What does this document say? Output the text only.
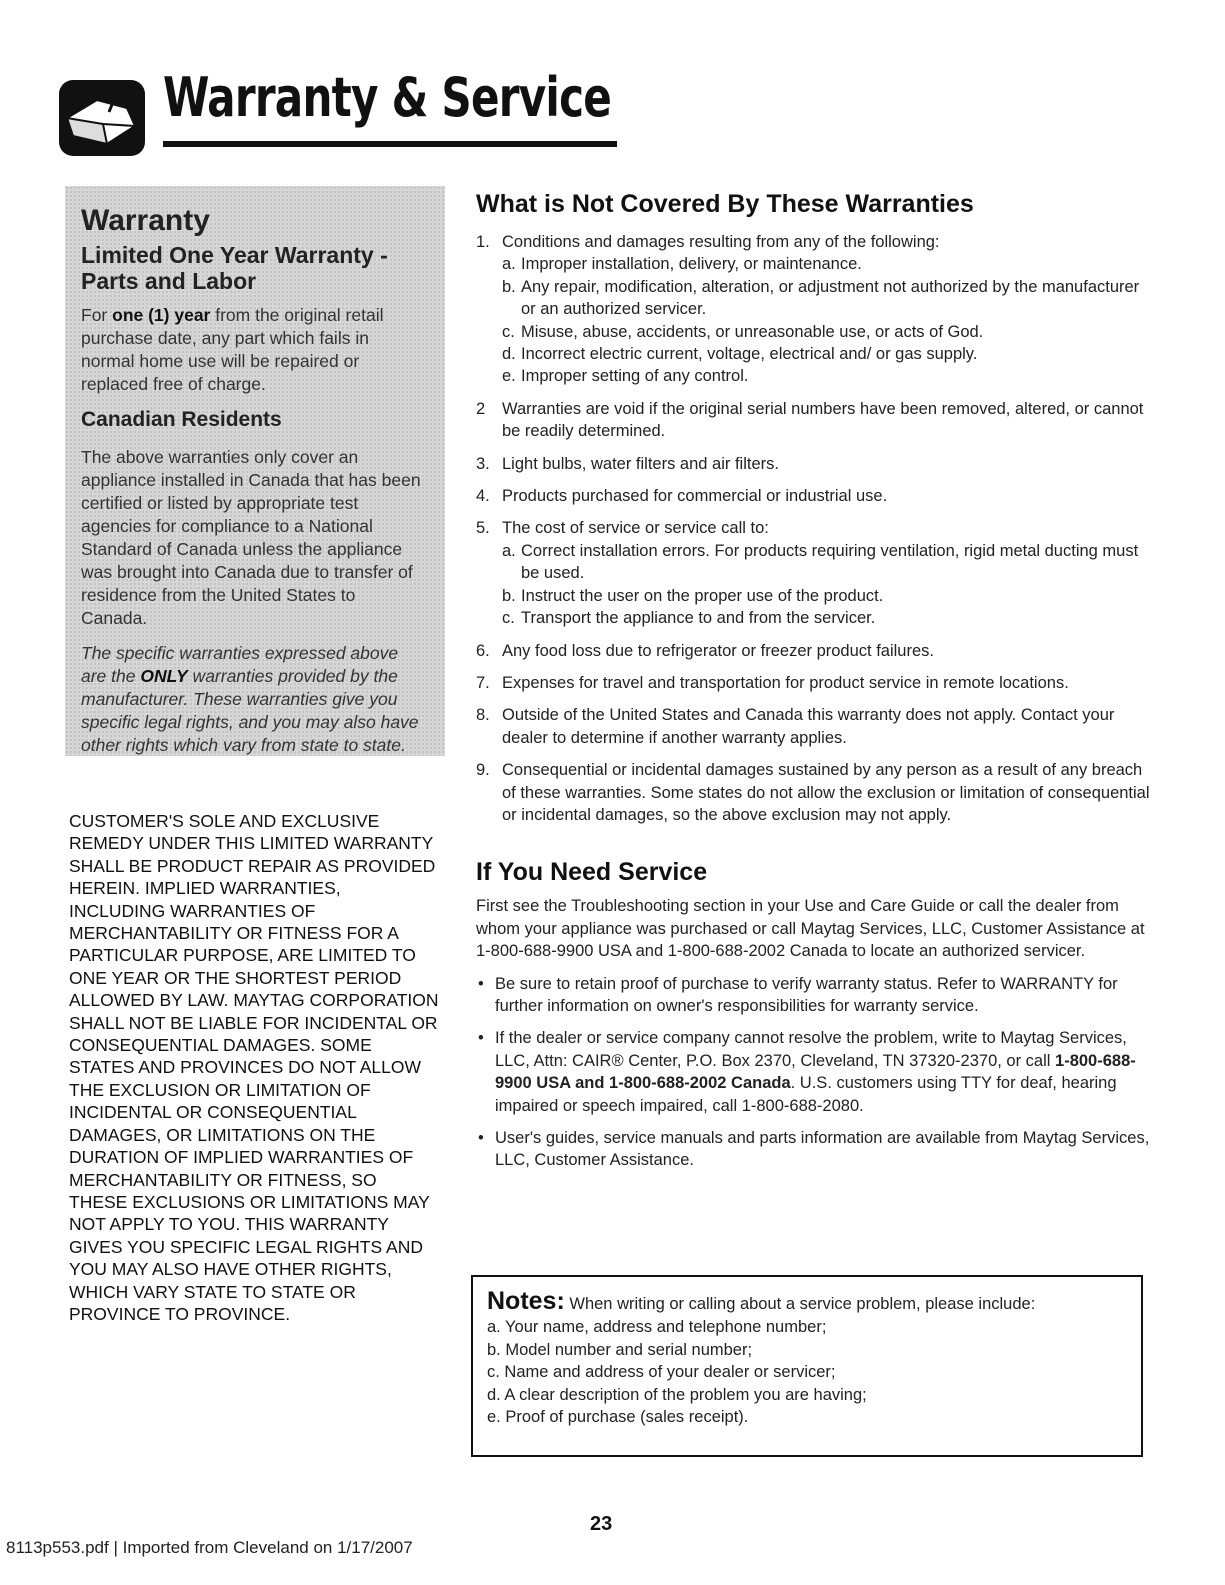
Warranty & Service
Warranty
Limited One Year Warranty - Parts and Labor

For one (1) year from the original retail purchase date, any part which fails in normal home use will be repaired or replaced free of charge.

Canadian Residents

The above warranties only cover an appliance installed in Canada that has been certified or listed by appropriate test agencies for compliance to a National Standard of Canada unless the appliance was brought into Canada due to transfer of residence from the United States to Canada.

The specific warranties expressed above are the ONLY warranties provided by the manufacturer. These warranties give you specific legal rights, and you may also have other rights which vary from state to state.

CUSTOMER'S SOLE AND EXCLUSIVE REMEDY UNDER THIS LIMITED WARRANTY SHALL BE PRODUCT REPAIR AS PROVIDED HEREIN. IMPLIED WARRANTIES, INCLUDING WARRANTIES OF MERCHANTABILITY OR FITNESS FOR A PARTICULAR PURPOSE, ARE LIMITED TO ONE YEAR OR THE SHORTEST PERIOD ALLOWED BY LAW. MAYTAG CORPORATION SHALL NOT BE LIABLE FOR INCIDENTAL OR CONSEQUENTIAL DAMAGES. SOME STATES AND PROVINCES DO NOT ALLOW THE EXCLUSION OR LIMITATION OF INCIDENTAL OR CONSEQUENTIAL DAMAGES, OR LIMITATIONS ON THE DURATION OF IMPLIED WARRANTIES OF MERCHANTABILITY OR FITNESS, SO THESE EXCLUSIONS OR LIMITATIONS MAY NOT APPLY TO YOU. THIS WARRANTY GIVES YOU SPECIFIC LEGAL RIGHTS AND YOU MAY ALSO HAVE OTHER RIGHTS, WHICH VARY STATE TO STATE OR PROVINCE TO PROVINCE.
What is Not Covered By These Warranties
1. Conditions and damages resulting from any of the following:
a. Improper installation, delivery, or maintenance.
b. Any repair, modification, alteration, or adjustment not authorized by the manufacturer or an authorized servicer.
c. Misuse, abuse, accidents, or unreasonable use, or acts of God.
d. Incorrect electric current, voltage, electrical and/ or gas supply.
e. Improper setting of any control.
2 Warranties are void if the original serial numbers have been removed, altered, or cannot be readily determined.
3. Light bulbs, water filters and air filters.
4. Products purchased for commercial or industrial use.
5. The cost of service or service call to:
a. Correct installation errors. For products requiring ventilation, rigid metal ducting must be used.
b. Instruct the user on the proper use of the product.
c. Transport the appliance to and from the servicer.
6. Any food loss due to refrigerator or freezer product failures.
7. Expenses for travel and transportation for product service in remote locations.
8. Outside of the United States and Canada this warranty does not apply. Contact your dealer to determine if another warranty applies.
9. Consequential or incidental damages sustained by any person as a result of any breach of these warranties. Some states do not allow the exclusion or limitation of consequential or incidental damages, so the above exclusion may not apply.
If You Need Service

First see the Troubleshooting section in your Use and Care Guide or call the dealer from whom your appliance was purchased or call Maytag Services, LLC, Customer Assistance at 1-800-688-9900 USA and 1-800-688-2002 Canada to locate an authorized servicer.

• Be sure to retain proof of purchase to verify warranty status. Refer to WARRANTY for further information on owner's responsibilities for warranty service.
• If the dealer or service company cannot resolve the problem, write to Maytag Services, LLC, Attn: CAIR® Center, P.O. Box 2370, Cleveland, TN 37320-2370, or call 1-800-688-9900 USA and 1-800-688-2002 Canada. U.S. customers using TTY for deaf, hearing impaired or speech impaired, call 1-800-688-2080.
• User's guides, service manuals and parts information are available from Maytag Services, LLC, Customer Assistance.
Notes: When writing or calling about a service problem, please include:
a. Your name, address and telephone number;
b. Model number and serial number;
c. Name and address of your dealer or servicer;
d. A clear description of the problem you are having;
e. Proof of purchase (sales receipt).
8113p553.pdf | Imported from Cleveland on 1/17/2007
23
